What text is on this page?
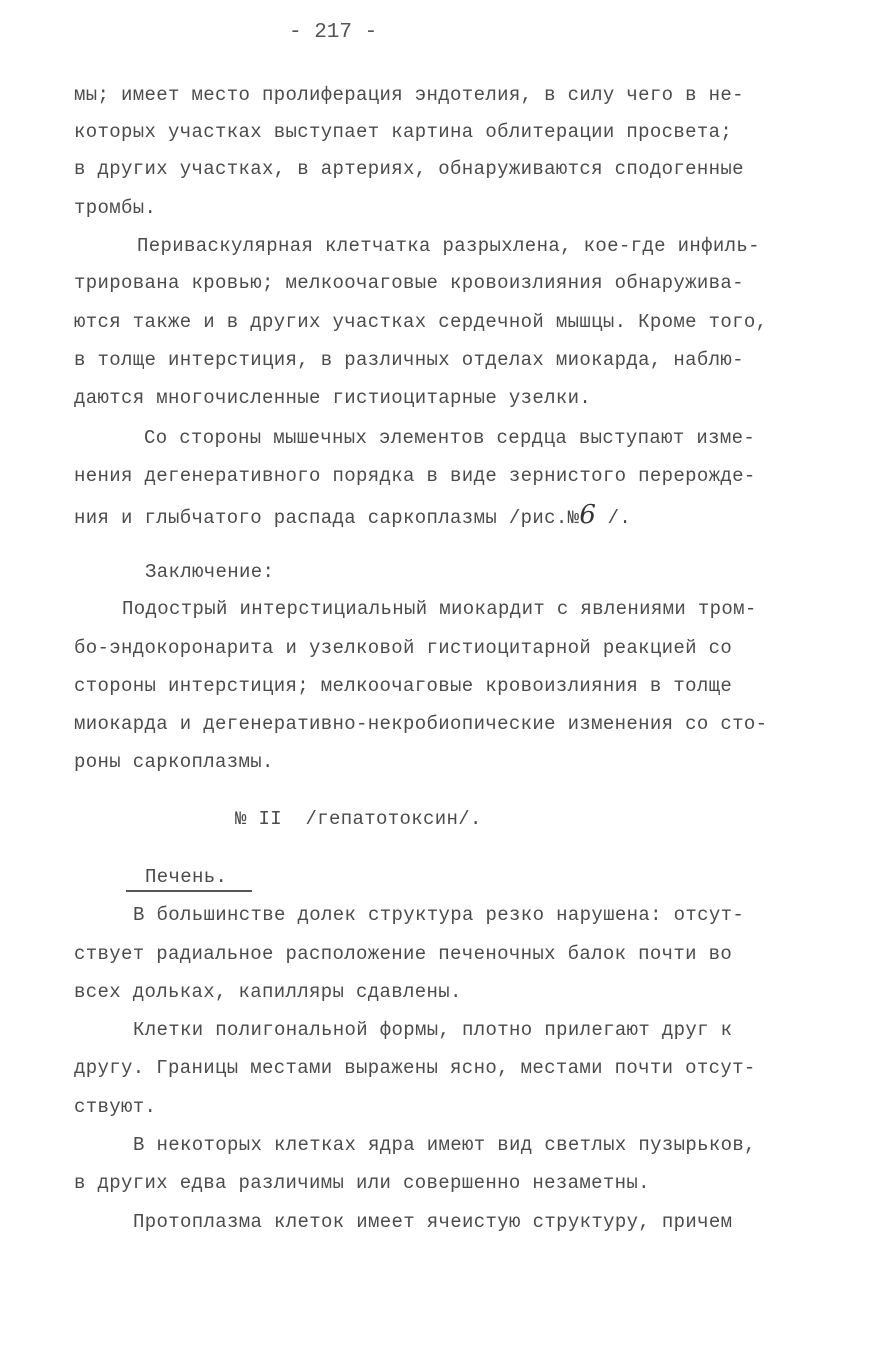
- 217 -
мы; имеет место пролиферация эндотелия, в силу чего в не-
которых участках выступает картина облитерации просвета;
в других участках, в артериях, обнаруживаются сподогенные
тромбы.
Периваскулярная клетчатка разрыхлена, кое-где инфиль-
трирована кровью; мелкоочаговые кровоизлияния обнаружива-
ются также и в других участках сердечной мышцы. Кроме того,
в толще интерстиция, в различных отделах миокарда, наблю-
даются многочисленные гистиоцитарные узелки.
Со стороны мышечных элементов сердца выступают изме-
нения дегенеративного порядка в виде зернистого перерожде-
ния и глыбчатого распада саркоплазмы /рис.№6 /.
Заключение:
Подострый интерстициальный миокардит с явлениями тром-
бо-эндокоронарита и узелковой гистиоцитарной реакцией со
стороны интерстиция; мелкоочаговые кровоизлияния в толще
миокарда и дегенеративно-некробиопические изменения со сто-
роны саркоплазмы.
№ II  /гепатотоксин/.
Печень.
В большинстве долек структура резко нарушена: отсут-
ствует радиальное расположение печеночных балок почти во
всех дольках, капилляры сдавлены.
Клетки полигональной формы, плотно прилегают друг к
другу. Границы местами выражены ясно, местами почти отсут-
ствуют.
В некоторых клетках ядра имеют вид светлых пузырьков,
в других едва различимы или совершенно незаметны.
Протоплазма клеток имеет ячеистую структуру, причем
